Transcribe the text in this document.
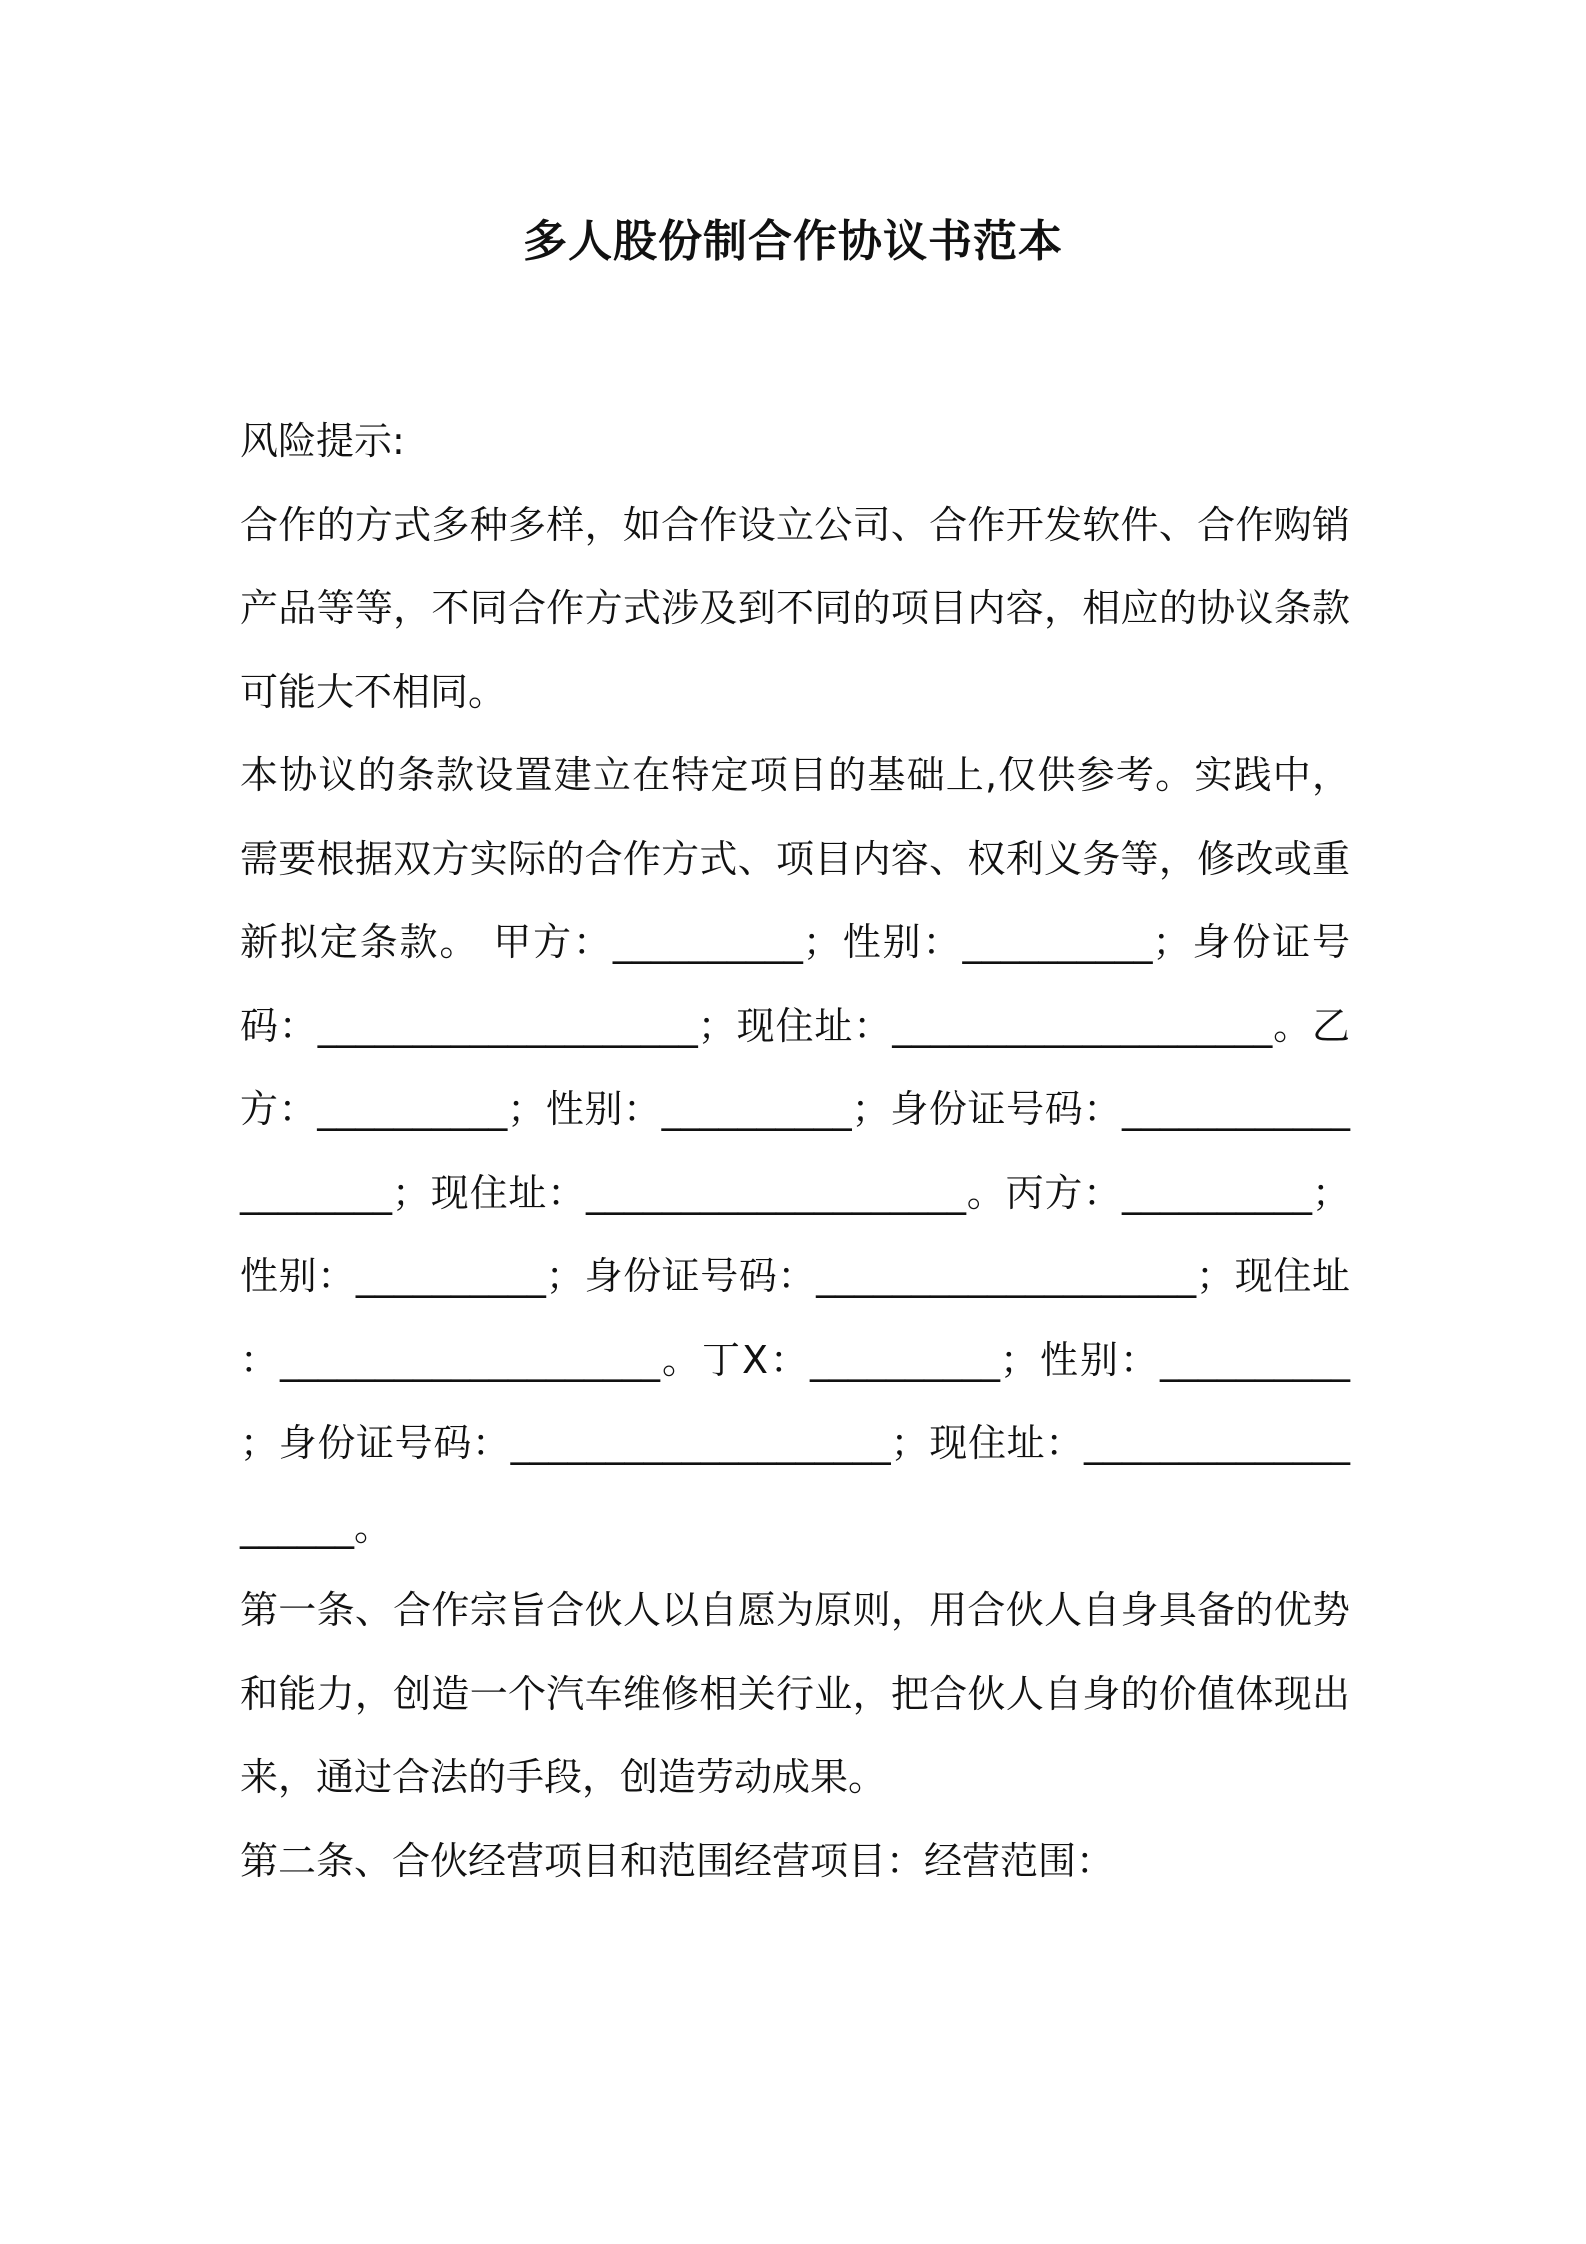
多人股份制合作协议书范本

风险提示:

合作的方式多种多样，如合作设立公司、合作开发软件、合作购销产品等等，不同合作方式涉及到不同的项目内容，相应的协议条款可能大不相同。

本协议的条款设置建立在特定项目的基础上,仅供参考。实践中，需要根据双方实际的合作方式、项目内容、权利义务等，修改或重新拟定条款。 甲方：__________；性别：__________；身份证号码：____________________；现住址：____________________。乙方：__________；性别：__________；身份证号码：____________________；现住址：____________________。丙方：__________；性别：__________；身份证号码：____________________；现住址：____________________。丁X：__________；性别：__________；身份证号码：____________________；现住址：____________________。

第一条、合作宗旨合伙人以自愿为原则，用合伙人自身具备的优势和能力，创造一个汽车维修相关行业，把合伙人自身的价值体现出来，通过合法的手段，创造劳动成果。

第二条、合伙经营项目和范围经营项目：经营范围：
